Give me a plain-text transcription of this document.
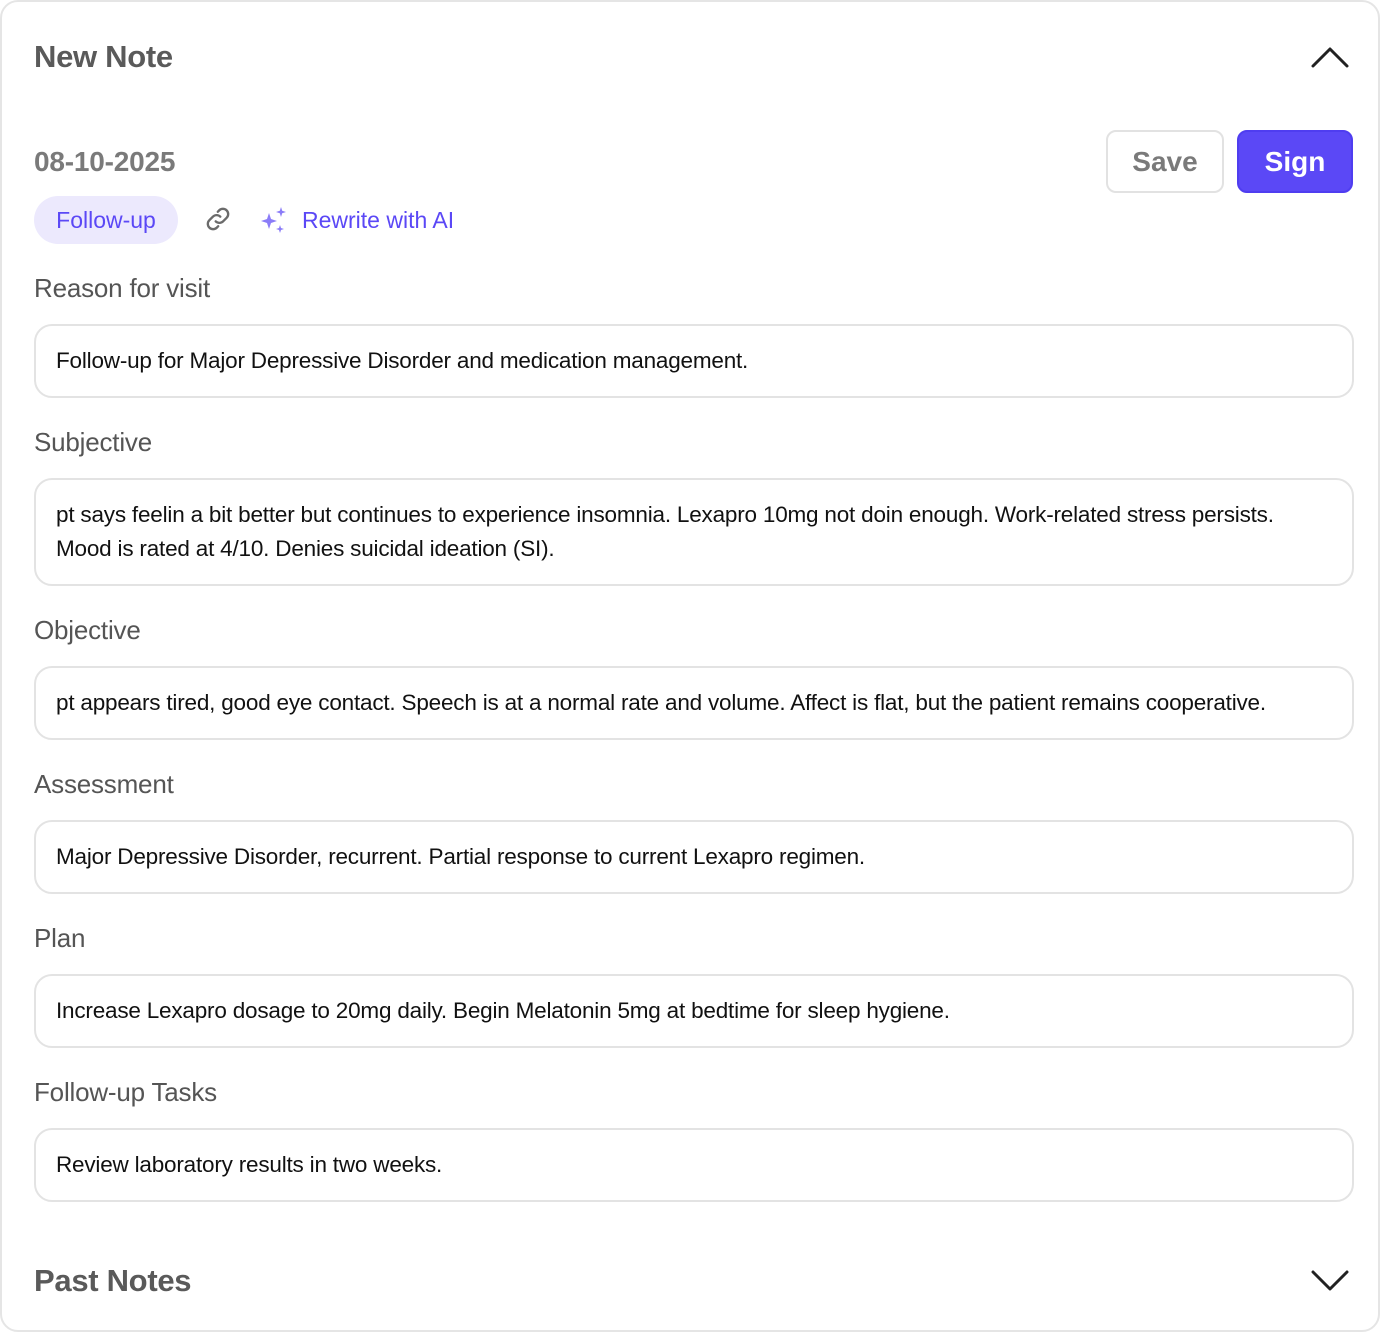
New Note
08-10-2025	Save	Sign
Follow-up	Rewrite with AI
Reason for visit
Follow-up for Major Depressive Disorder and medication management.
Subjective
pt says feelin a bit better but continues to experience insomnia. Lexapro 10mg not doin enough. Work-related stress persists. Mood is rated at 4/10. Denies suicidal ideation (SI).
Objective
pt appears tired, good eye contact. Speech is at a normal rate and volume. Affect is flat, but the patient remains cooperative.
Assessment
Major Depressive Disorder, recurrent. Partial response to current Lexapro regimen.
Plan
Increase Lexapro dosage to 20mg daily. Begin Melatonin 5mg at bedtime for sleep hygiene.
Follow-up Tasks
Review laboratory results in two weeks.
Past Notes
